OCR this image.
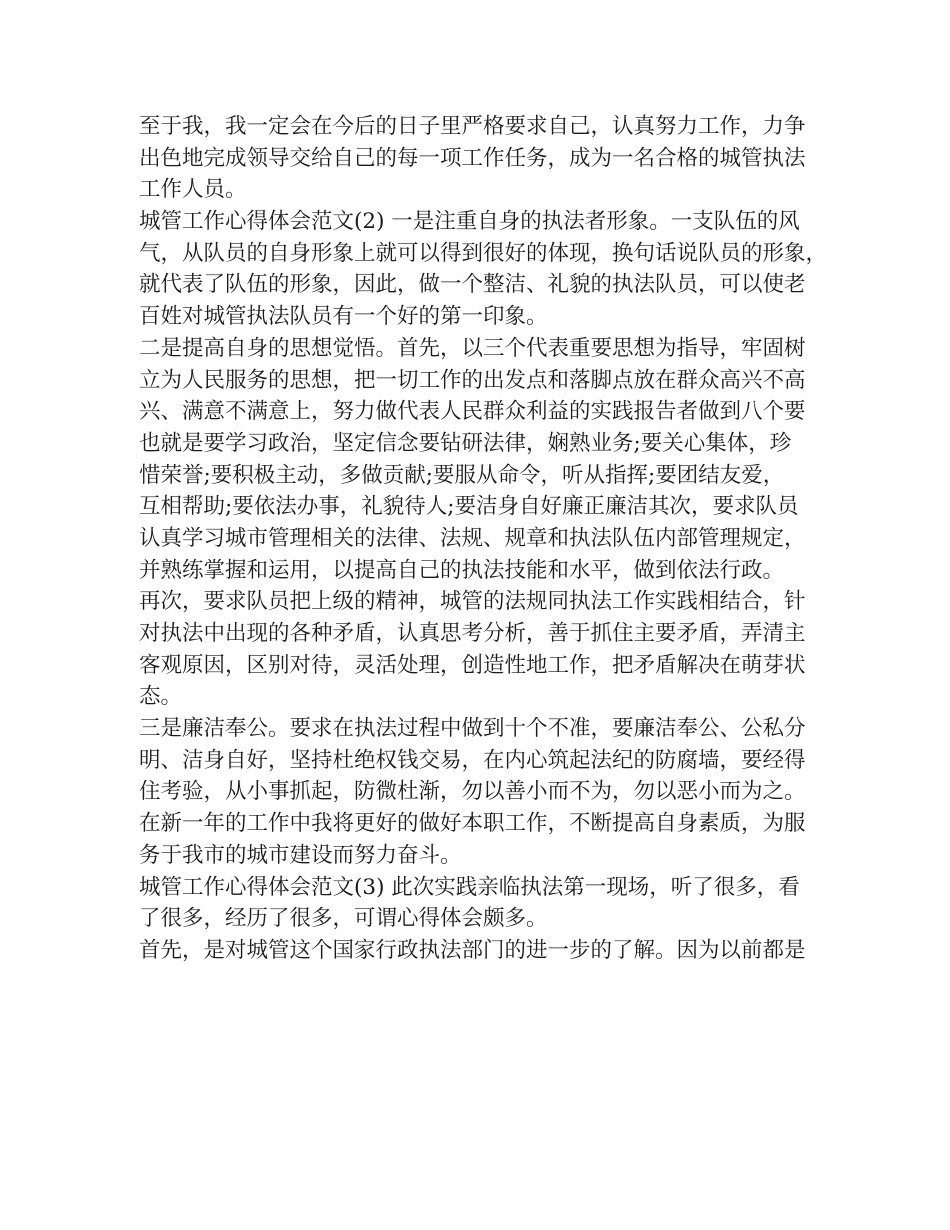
至于我，我一定会在今后的日子里严格要求自己，认真努力工作，力争
出色地完成领导交给自己的每一项工作任务，成为一名合格的城管执法
工作人员。
城管工作心得体会范文(2) 一是注重自身的执法者形象。一支队伍的风
气，从队员的自身形象上就可以得到很好的体现，换句话说队员的形象，
就代表了队伍的形象，因此，做一个整洁、礼貌的执法队员，可以使老
百姓对城管执法队员有一个好的第一印象。
二是提高自身的思想觉悟。首先，以三个代表重要思想为指导，牢固树
立为人民服务的思想，把一切工作的出发点和落脚点放在群众高兴不高
兴、满意不满意上，努力做代表人民群众利益的实践报告者做到八个要
也就是要学习政治，坚定信念要钻研法律，娴熟业务;要关心集体，珍
惜荣誉;要积极主动，多做贡献;要服从命令，听从指挥;要团结友爱，
互相帮助;要依法办事，礼貌待人;要洁身自好廉正廉洁其次，要求队员
认真学习城市管理相关的法律、法规、规章和执法队伍内部管理规定，
并熟练掌握和运用，以提高自己的执法技能和水平，做到依法行政。
再次，要求队员把上级的精神，城管的法规同执法工作实践相结合，针
对执法中出现的各种矛盾，认真思考分析，善于抓住主要矛盾，弄清主
客观原因，区别对待，灵活处理，创造性地工作，把矛盾解决在萌芽状
态。
三是廉洁奉公。要求在执法过程中做到十个不准，要廉洁奉公、公私分
明、洁身自好，坚持杜绝权钱交易，在内心筑起法纪的防腐墙，要经得
住考验，从小事抓起，防微杜渐，勿以善小而不为，勿以恶小而为之。
在新一年的工作中我将更好的做好本职工作，不断提高自身素质，为服
务于我市的城市建设而努力奋斗。
城管工作心得体会范文(3) 此次实践亲临执法第一现场，听了很多，看
了很多，经历了很多，可谓心得体会颇多。
首先，是对城管这个国家行政执法部门的进一步的了解。因为以前都是
